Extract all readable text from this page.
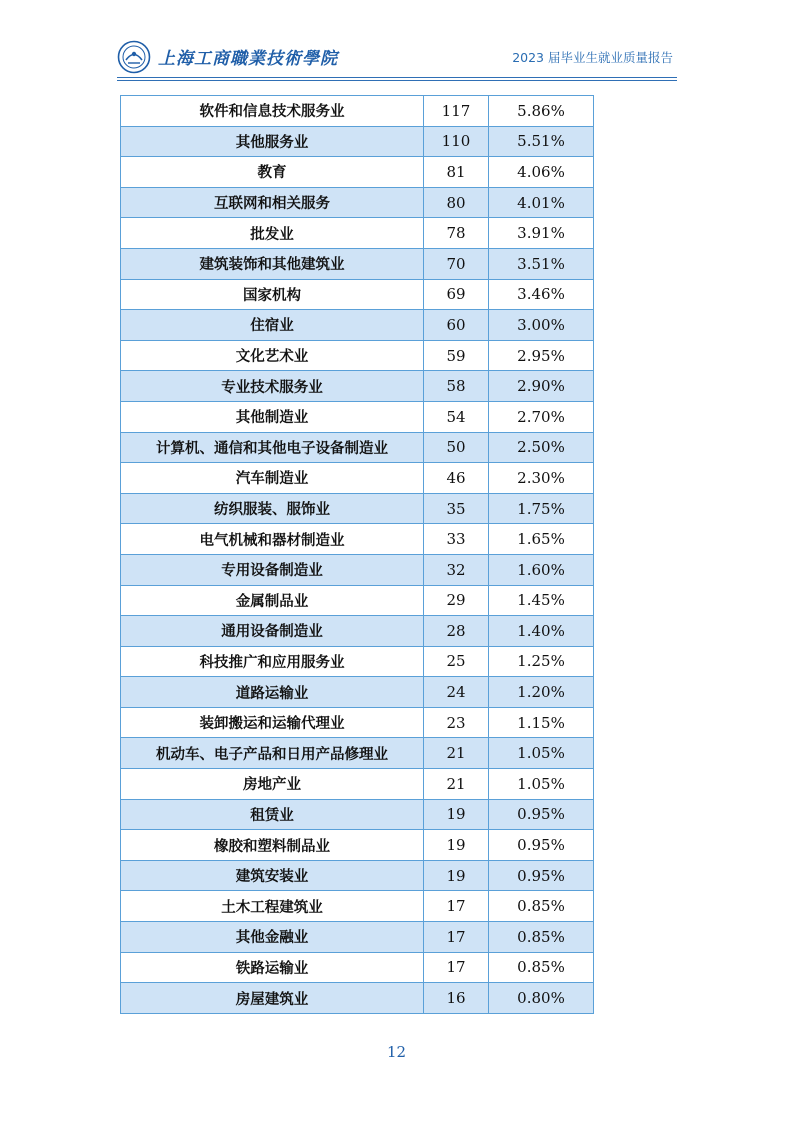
上海工商職業技術學院	2023 届毕业生就业质量报告
软件和信息技术服务业	117	5.86%
其他服务业	110	5.51%
教育	81	4.06%
互联网和相关服务	80	4.01%
批发业	78	3.91%
建筑装饰和其他建筑业	70	3.51%
国家机构	69	3.46%
住宿业	60	3.00%
文化艺术业	59	2.95%
专业技术服务业	58	2.90%
其他制造业	54	2.70%
计算机、通信和其他电子设备制造业	50	2.50%
汽车制造业	46	2.30%
纺织服装、服饰业	35	1.75%
电气机械和器材制造业	33	1.65%
专用设备制造业	32	1.60%
金属制品业	29	1.45%
通用设备制造业	28	1.40%
科技推广和应用服务业	25	1.25%
道路运输业	24	1.20%
装卸搬运和运输代理业	23	1.15%
机动车、电子产品和日用产品修理业	21	1.05%
房地产业	21	1.05%
租赁业	19	0.95%
橡胶和塑料制品业	19	0.95%
建筑安装业	19	0.95%
土木工程建筑业	17	0.85%
其他金融业	17	0.85%
铁路运输业	17	0.85%
房屋建筑业	16	0.80%
12
